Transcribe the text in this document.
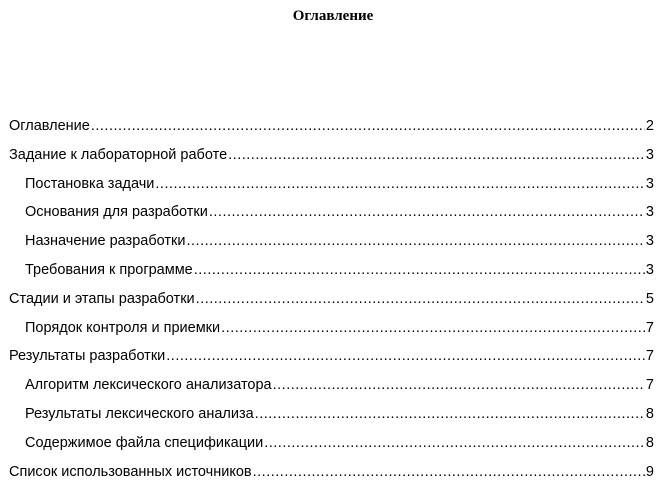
Оглавление
Оглавление .....	2
Задание к лабораторной работе .....	3
Постановка задачи .....	3
Основания для разработки .....	3
Назначение разработки .....	3
Требования к программе .....	3
Стадии и этапы разработки .....	5
Порядок контроля и приемки .....	7
Результаты разработки .....	7
Алгоритм лексического анализатора .....	7
Результаты лексического анализа .....	8
Содержимое файла спецификации .....	8
Список использованных источников .....	9
